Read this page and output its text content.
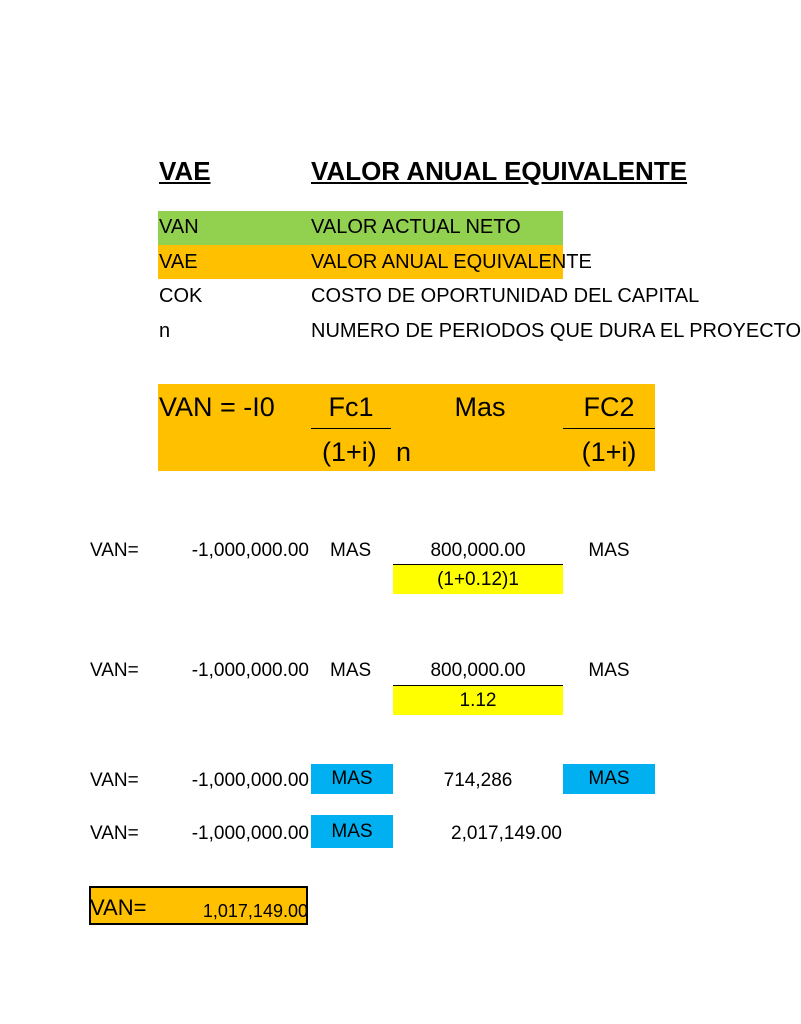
VAE	VALOR ANUAL EQUIVALENTE
VAN	VALOR ACTUAL NETO
VAE	VALOR ANUAL EQUIVALENTE
COK	COSTO DE OPORTUNIDAD DEL CAPITAL
n	NUMERO DE PERIODOS QUE DURA EL PROYECTO
VAN = -I0	Fc1
(1+i) n
Mas	FC2
(1+i)
VAN=	-1,000,000.00 MAS	800,000.00
(1+0.12)1
MAS
VAN=	-1,000,000.00 MAS	800,000.00
1.12
MAS
VAN=	-1,000,000.00	MAS	714,286	MAS
VAN=	-1,000,000.00	MAS	2,017,149.00
VAN=	1,017,149.00
